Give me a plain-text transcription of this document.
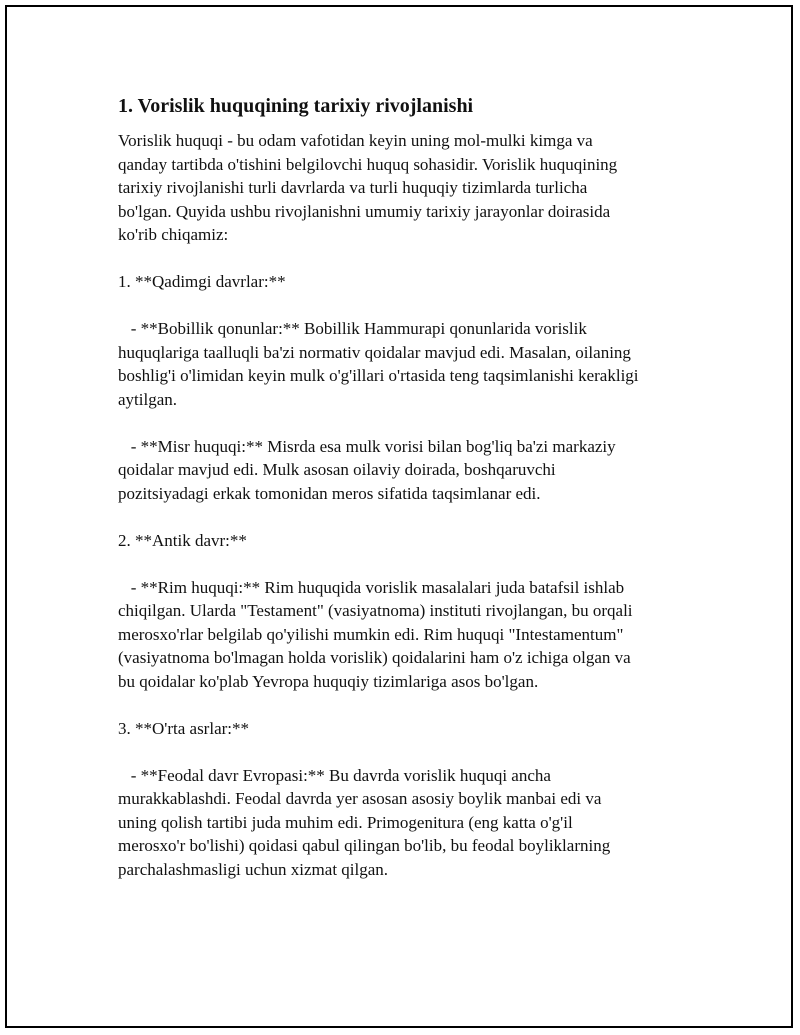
1. Vorislik huquqining tarixiy rivojlanishi

Vorislik huquqi - bu odam vafotidan keyin uning mol-mulki kimga va
qanday tartibda o'tishini belgilovchi huquq sohasidir. Vorislik huquqining
tarixiy rivojlanishi turli davrlarda va turli huquqiy tizimlarda turlicha
bo'lgan. Quyida ushbu rivojlanishni umumiy tarixiy jarayonlar doirasida
ko'rib chiqamiz:

1. **Qadimgi davrlar:**

- **Bobillik qonunlar:** Bobillik Hammurapi qonunlarida vorislik
huquqlariga taalluqli ba'zi normativ qoidalar mavjud edi. Masalan, oilaning
boshlig'i o'limidan keyin mulk o'g'illari o'rtasida teng taqsimlanishi kerakligi
aytilgan.

- **Misr huquqi:** Misrda esa mulk vorisi bilan bog'liq ba'zi markaziy
qoidalar mavjud edi. Mulk asosan oilaviy doirada, boshqaruvchi
pozitsiyadagi erkak tomonidan meros sifatida taqsimlanar edi.

2. **Antik davr:**

- **Rim huquqi:** Rim huquqida vorislik masalalari juda batafsil ishlab
chiqilgan. Ularda "Testament" (vasiyatnoma) instituti rivojlangan, bu orqali
merosxo'rlar belgilab qo'yilishi mumkin edi. Rim huquqi "Intestamentum"
(vasiyatnoma bo'lmagan holda vorislik) qoidalarini ham o'z ichiga olgan va
bu qoidalar ko'plab Yevropa huquqiy tizimlariga asos bo'lgan.

3. **O'rta asrlar:**

- **Feodal davr Evropasi:** Bu davrda vorislik huquqi ancha
murakkablashdi. Feodal davrda yer asosan asosiy boylik manbai edi va
uning qolish tartibi juda muhim edi. Primogenitura (eng katta o'g'il
merosxo'r bo'lishi) qoidasi qabul qilingan bo'lib, bu feodal boyliklarning
parchalashmasligi uchun xizmat qilgan.
